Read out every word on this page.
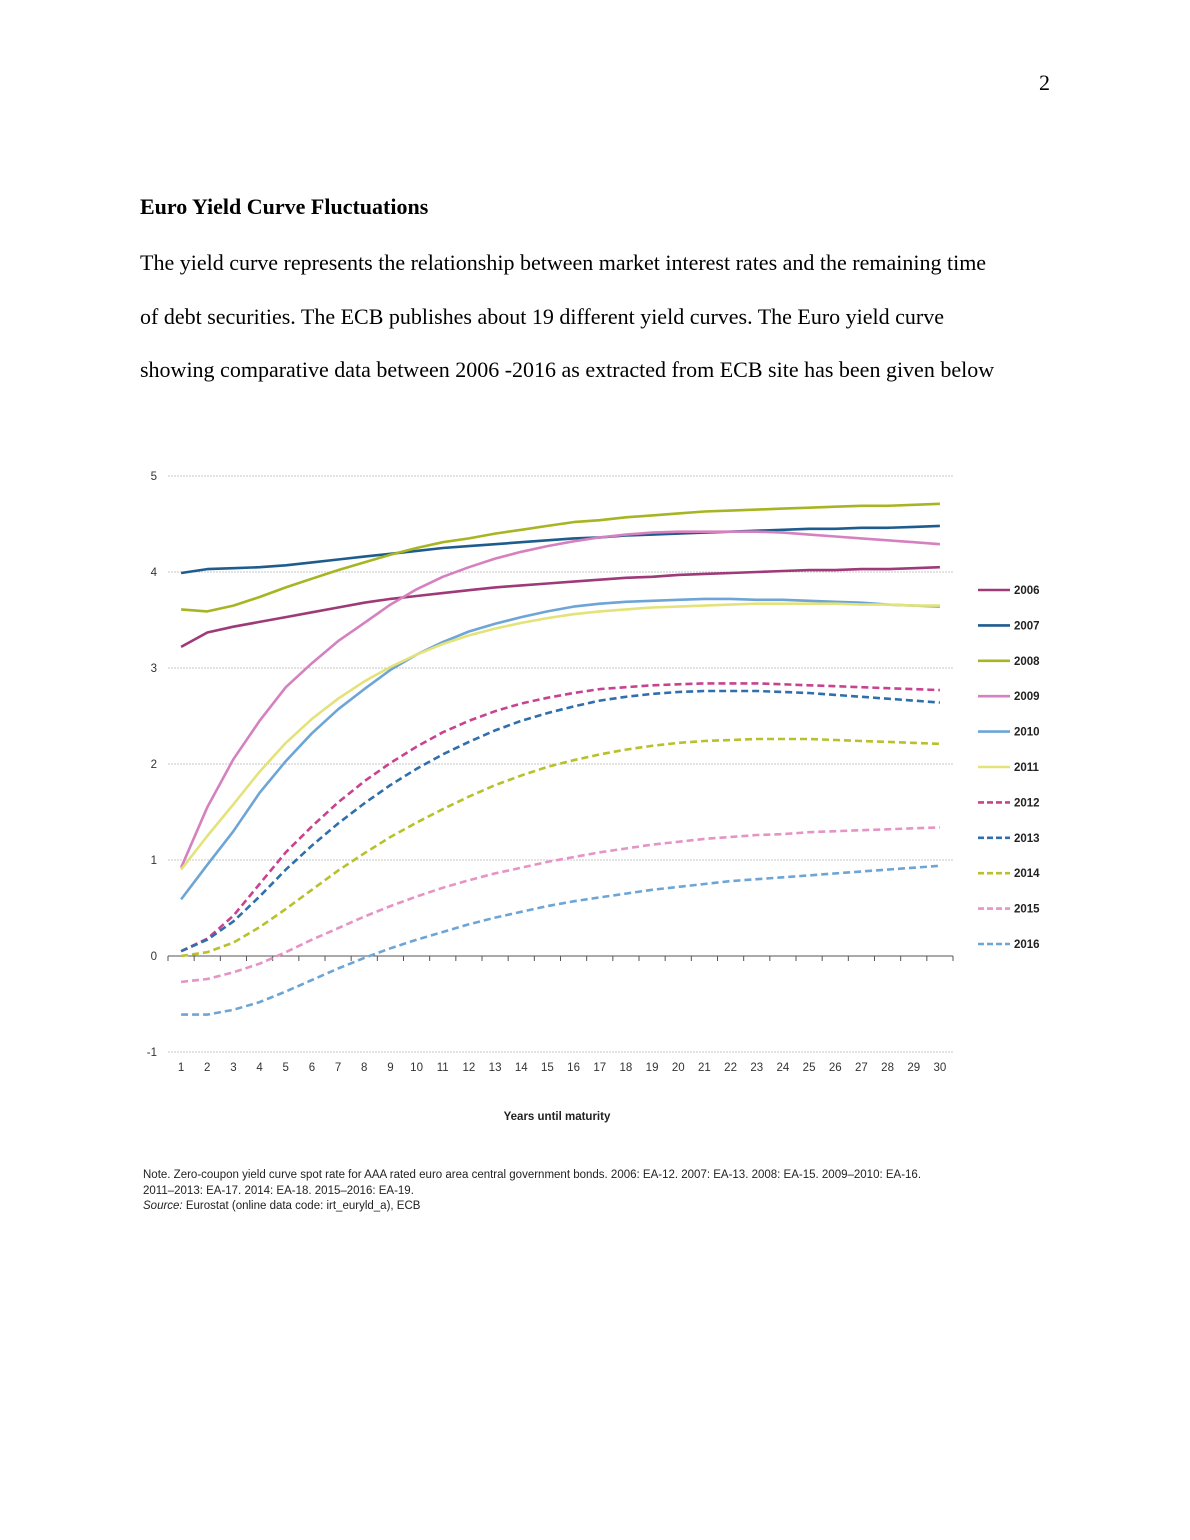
2
Euro Yield Curve Fluctuations

The yield curve represents the relationship between market interest rates and the remaining time
of debt securities. The ECB publishes about 19 different yield curves. The Euro yield curve
showing comparative data between 2006 -2016 as extracted from ECB site has been given below

-1
0
1
2
3
4
5
1 2 3 4 5 6 7 8 9 10 11 12 13 14 15 16 17 18 19 20 21 22 23 24 25 26 27 28 29 30
2006
2007
2008
2009
2010
2011
2012
2013
2014
2015
2016
Years until maturity
Note. Zero-coupon yield curve spot rate for AAA rated euro area central government bonds. 2006: EA-12. 2007: EA-13. 2008: EA-15. 2009–2010: EA-16.
2011–2013: EA-17. 2014: EA-18. 2015–2016: EA-19.
Source: Eurostat (online data code: irt_euryld_a), ECB
